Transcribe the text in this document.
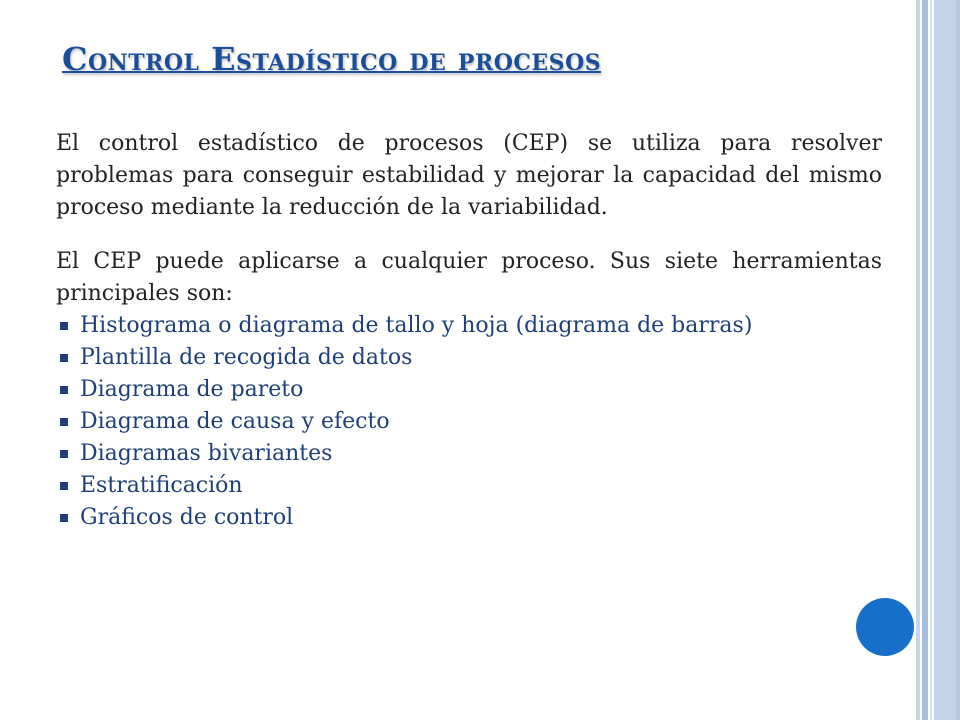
Control Estadístico de procesos

El control estadístico de procesos (CEP) se utiliza para resolver problemas para conseguir estabilidad y mejorar la capacidad del mismo proceso mediante la reducción de la variabilidad.

El CEP puede aplicarse a cualquier proceso. Sus siete herramientas principales son:

Histograma o diagrama de tallo y hoja (diagrama de barras)
Plantilla de recogida de datos
Diagrama de pareto
Diagrama de causa y efecto
Diagramas bivariantes
Estratificación
Gráficos de control
